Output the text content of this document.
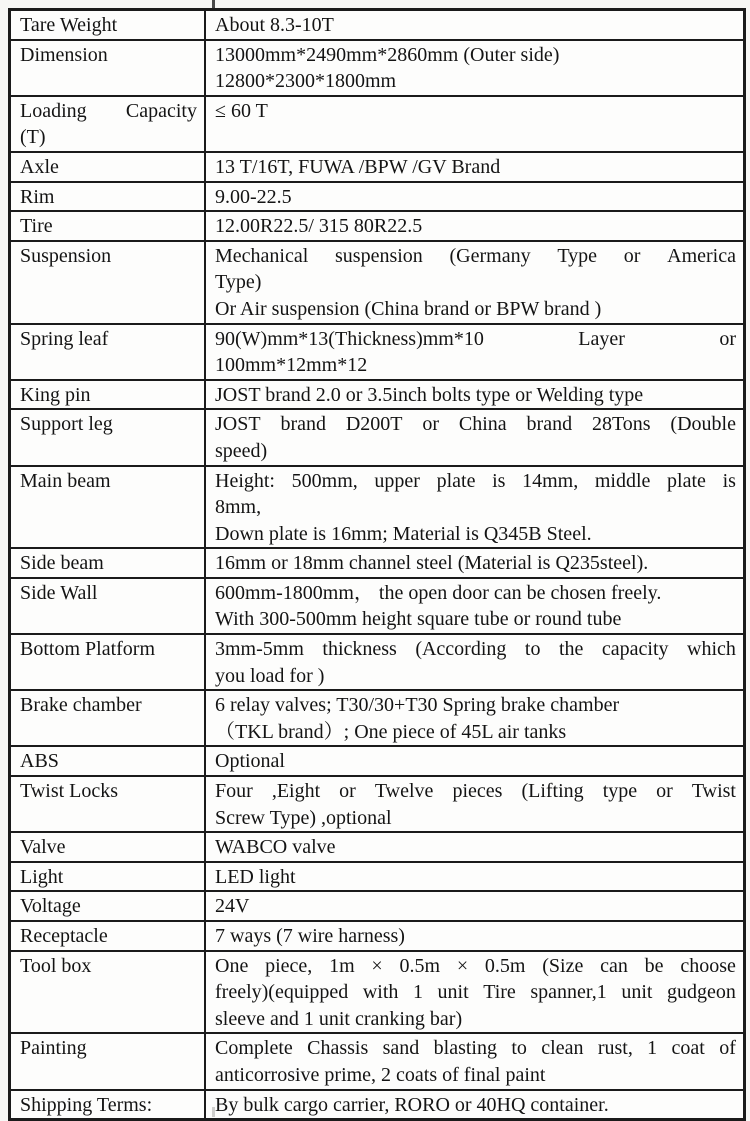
Tare Weight	About 8.3-10T

Dimension	13000mm*2490mm*2860mm (Outer side)
12800*2300*1800mm

Loading Capacity
(T)	≤ 60 T

Axle	13 T/16T, FUWA /BPW /GV Brand

Rim	9.00-22.5

Tire	12.00R22.5/ 315 80R22.5

Suspension	Mechanical suspension (Germany Type or America
Type)
Or Air suspension (China brand or BPW brand )

Spring leaf	90(W)mm*13(Thickness)mm*10 Layer or
100mm*12mm*12

King pin	JOST brand 2.0 or 3.5inch bolts type or Welding type

Support leg	JOST brand D200T or China brand 28Tons (Double
speed)

Main beam	Height: 500mm, upper plate is 14mm, middle plate is
8mm,
Down plate is 16mm; Material is Q345B Steel.

Side beam	16mm or 18mm channel steel (Material is Q235steel).

Side Wall	600mm-1800mm， the open door can be chosen freely.
With 300-500mm height square tube or round tube

Bottom Platform	3mm-5mm thickness (According to the capacity which
you load for )

Brake chamber	6 relay valves; T30/30+T30 Spring brake chamber
（TKL brand）; One piece of 45L air tanks

ABS	Optional

Twist Locks	Four ,Eight or Twelve pieces (Lifting type or Twist
Screw Type) ,optional

Valve	WABCO valve

Light	LED light

Voltage	24V

Receptacle	7 ways (7 wire harness)

Tool box	One piece, 1m × 0.5m × 0.5m (Size can be choose
freely)(equipped with 1 unit Tire spanner,1 unit gudgeon
sleeve and 1 unit cranking bar)

Painting	Complete Chassis sand blasting to clean rust, 1 coat of
anticorrosive prime, 2 coats of final paint

Shipping Terms:	By bulk cargo carrier, RORO or 40HQ container.
